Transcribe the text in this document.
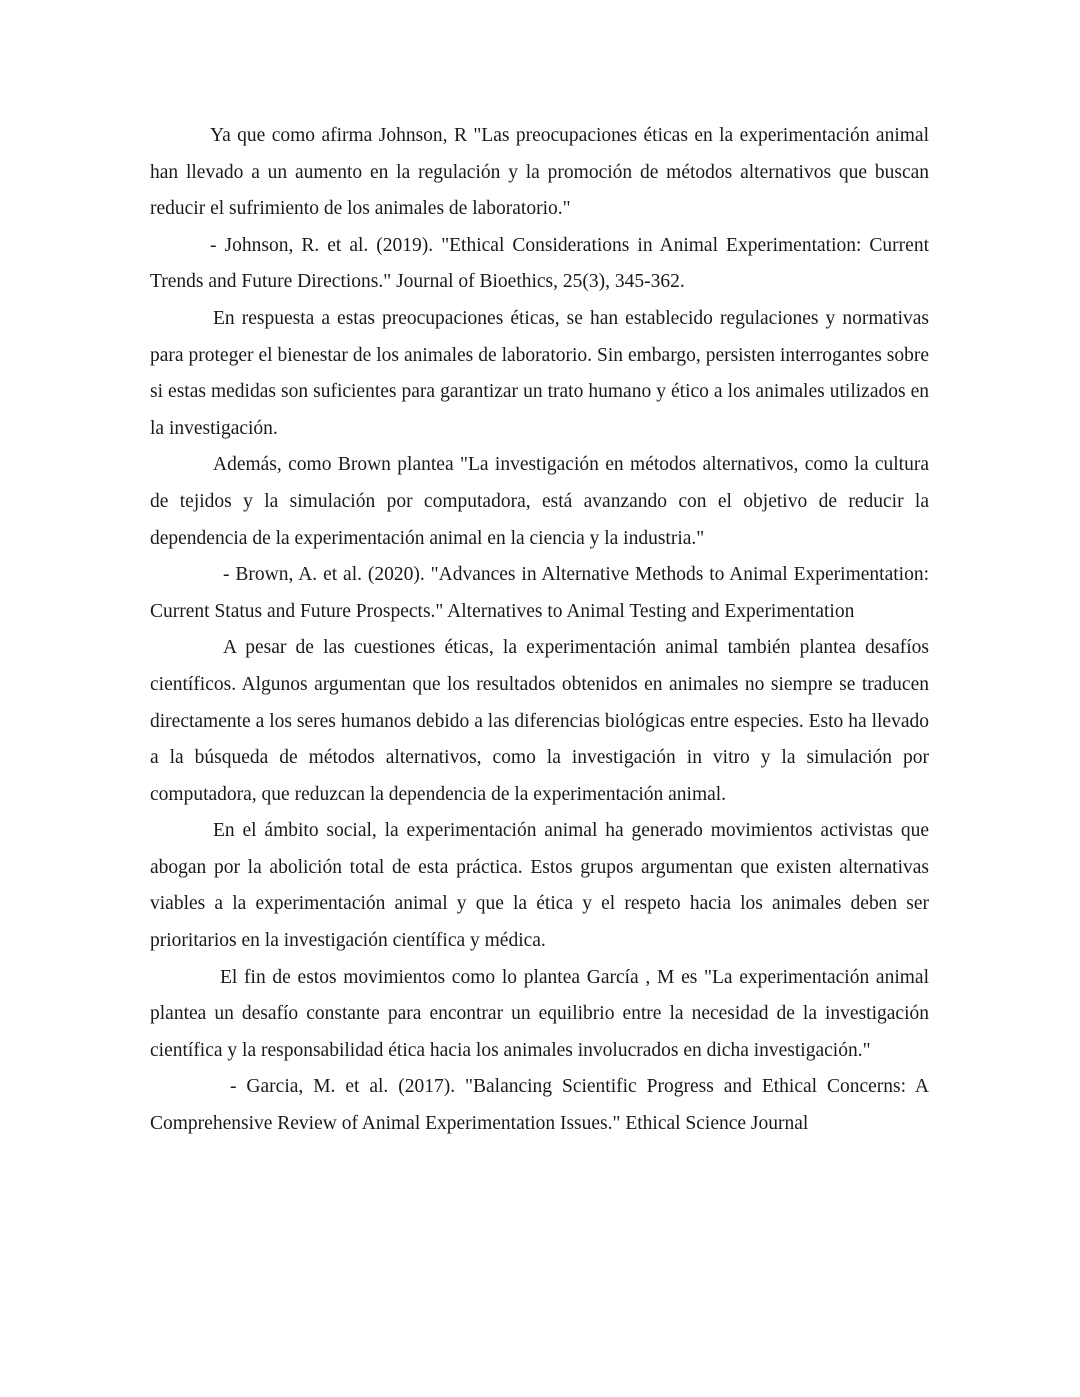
Ya que como afirma Johnson, R "Las preocupaciones éticas en la experimentación animal han llevado a un aumento en la regulación y la promoción de métodos alternativos que buscan reducir el sufrimiento de los animales de laboratorio."

- Johnson, R. et al. (2019). "Ethical Considerations in Animal Experimentation: Current Trends and Future Directions." Journal of Bioethics, 25(3), 345-362.

En respuesta a estas preocupaciones éticas, se han establecido regulaciones y normativas para proteger el bienestar de los animales de laboratorio. Sin embargo, persisten interrogantes sobre si estas medidas son suficientes para garantizar un trato humano y ético a los animales utilizados en la investigación.

Además, como Brown plantea "La investigación en métodos alternativos, como la cultura de tejidos y la simulación por computadora, está avanzando con el objetivo de reducir la dependencia de la experimentación animal en la ciencia y la industria."

- Brown, A. et al. (2020). "Advances in Alternative Methods to Animal Experimentation: Current Status and Future Prospects." Alternatives to Animal Testing and Experimentation

A pesar de las cuestiones éticas, la experimentación animal también plantea desafíos científicos. Algunos argumentan que los resultados obtenidos en animales no siempre se traducen directamente a los seres humanos debido a las diferencias biológicas entre especies. Esto ha llevado a la búsqueda de métodos alternativos, como la investigación in vitro y la simulación por computadora, que reduzcan la dependencia de la experimentación animal.

En el ámbito social, la experimentación animal ha generado movimientos activistas que abogan por la abolición total de esta práctica. Estos grupos argumentan que existen alternativas viables a la experimentación animal y que la ética y el respeto hacia los animales deben ser prioritarios en la investigación científica y médica.

El fin de estos movimientos como lo plantea García , M es "La experimentación animal plantea un desafío constante para encontrar un equilibrio entre la necesidad de la investigación científica y la responsabilidad ética hacia los animales involucrados en dicha investigación."

- Garcia, M. et al. (2017). "Balancing Scientific Progress and Ethical Concerns: A Comprehensive Review of Animal Experimentation Issues." Ethical Science Journal
